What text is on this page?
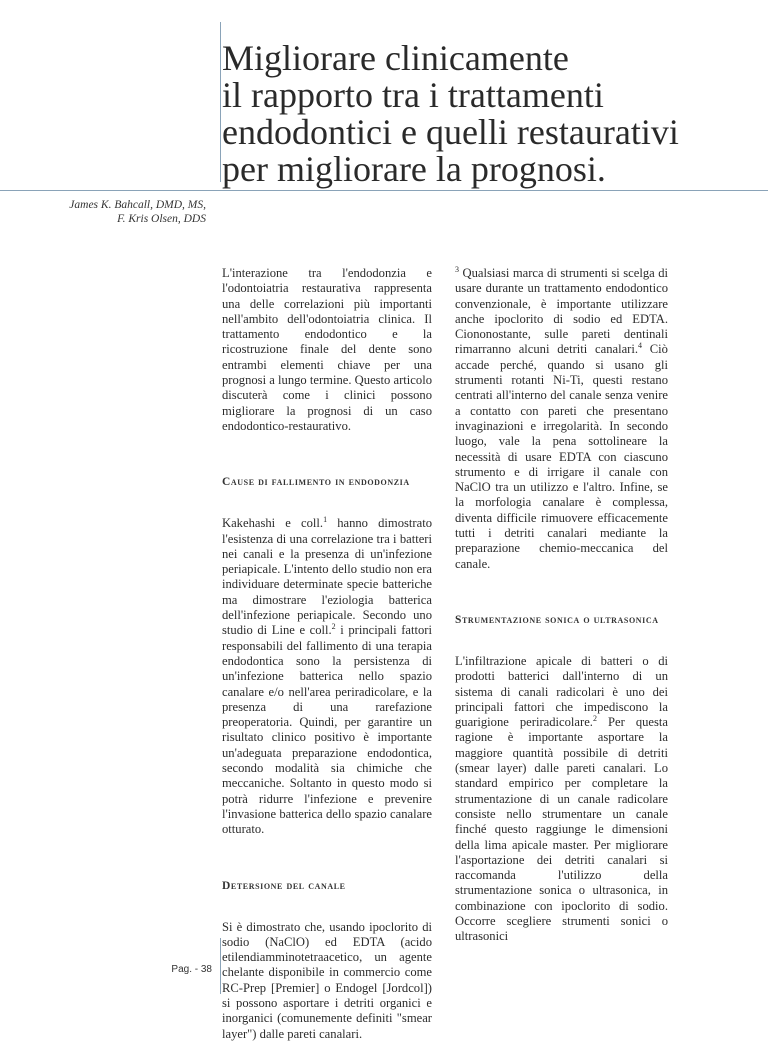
Migliorare clinicamente
il rapporto tra i trattamenti
endodontici e quelli restaurativi
per migliorare la prognosi.
James K. Bahcall, DMD, MS,
F. Kris Olsen, DDS

L'interazione tra l'endodonzia e l'odontoiatria restaurativa rappresenta una delle correlazioni più importanti nell'ambito dell'odontoiatria clinica. Il trattamento endodontico e la ricostruzione finale del dente sono entrambi elementi chiave per una prognosi a lungo termine. Questo articolo discuterà come i clinici possono migliorare la prognosi di un caso endodontico-restaurativo.

Cause di fallimento in endodonzia

Kakehashi e coll.$^1$ hanno dimostrato l'esistenza di una correlazione tra i batteri nei canali e la presenza di un'infezione periapicale. L'intento dello studio non era individuare determinate specie batteriche ma dimostrare l'eziologia batterica dell'infezione periapicale. Secondo uno studio di Line e coll.$^2$ i principali fattori responsabili del fallimento di una terapia endodontica sono la persistenza di un'infezione batterica nello spazio canalare e/o nell'area periradicolare, e la presenza di una rarefazione preoperatoria. Quindi, per garantire un risultato clinico positivo è importante un'adeguata preparazione endodontica, secondo modalità sia chimiche che meccaniche. Soltanto in questo modo si potrà ridurre l'infezione e prevenire l'invasione batterica dello spazio canalare otturato.

Detersione del canale

Si è dimostrato che, usando ipoclorito di sodio (NaClO) ed EDTA (acido etilendiamminotetraacetico, un agente chelante disponibile in commercio come RC-Prep [Premier] o Endogel [Jordcol]) si possono asportare i detriti organici e inorganici (comunemente definiti "smear layer") dalle pareti canalari.

$^3$ Qualsiasi marca di strumenti si scelga di usare durante un trattamento endodontico convenzionale, è importante utilizzare anche ipoclorito di sodio ed EDTA. Ciononostante, sulle pareti dentinali rimarranno alcuni detriti canalari.$^4$ Ciò accade perché, quando si usano gli strumenti rotanti Ni-Ti, questi restano centrati all'interno del canale senza venire a contatto con pareti che presentano invaginazioni e irregolarità. In secondo luogo, vale la pena sottolineare la necessità di usare EDTA con ciascuno strumento e di irrigare il canale con NaClO tra un utilizzo e l'altro. Infine, se la morfologia canalare è complessa, diventa difficile rimuovere efficacemente tutti i detriti canalari mediante la preparazione chemio-meccanica del canale.

Strumentazione sonica o ultrasonica

L'infiltrazione apicale di batteri o di prodotti batterici dall'interno di un sistema di canali radicolari è uno dei principali fattori che impediscono la guarigione periradicolare.$^2$ Per questa ragione è importante asportare la maggiore quantità possibile di detriti (smear layer) dalle pareti canalari. Lo standard empirico per completare la strumentazione di un canale radicolare consiste nello strumentare un canale finché questo raggiunge le dimensioni della lima apicale master. Per migliorare l'asportazione dei detriti canalari si raccomanda l'utilizzo della strumentazione sonica o ultrasonica, in combinazione con ipoclorito di sodio. Occorre scegliere strumenti sonici o ultrasonici

Pag. - 38
